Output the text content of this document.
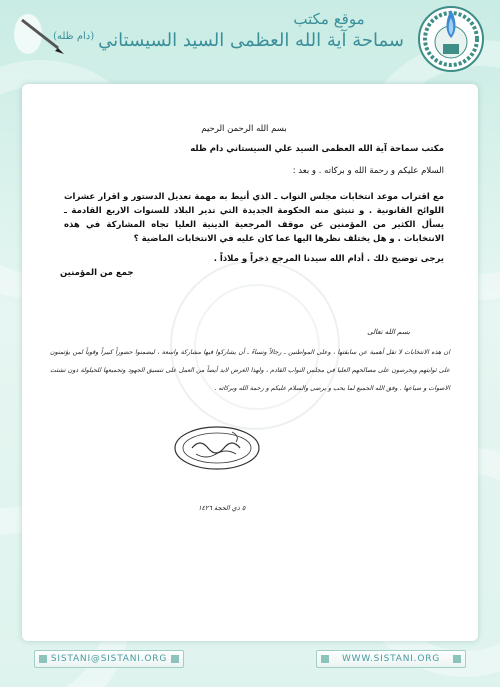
موقع مكتب
سماحة آية الله العظمى السيد السيستاني$^{(دام ظله)}$
بسم الله الرحمن الرحيم
مكتب سماحة آية الله العظمى السيد علي السيستاني دام ظله
السلام عليكم و رحمة الله و بركاته . و بعد :
مع اقتراب موعد انتخابات مجلس النواب ـ الذي أنيط به مهمة تعديل الدستور و اقرار عشرات اللوائح القانونية . و تنبثق منه الحكومة الجديدة التي تدير البلاد للسنوات الاربع القادمة ـ يسأل الكثير من المؤمنين عن موقف المرجعية الدينية العليا تجاه المشاركة في هذه الانتخابات . و هل يختلف نظرها اليها عما كان عليه في الانتخابات الماضية ؟
يرجى توضيح ذلك . أدام الله سيدنا المرجع ذخراً و ملاذاً .
جمع من المؤمنين
بسم الله تعالى
ان هذه الانتخابات لا تقل أهمية عن سابقتها ، وعلى المواطنين ـ رجالاً ونساءً ـ أن يشاركوا فيها مشاركة واسعة ، ليضمنوا حضوراً كبيراً وقوياً لمن يؤتمنون على ثوابتهم ويحرصون على مصالحهم العليا في مجلس النواب القادم ، ولهذا الغرض لابد أيضاً من العمل على تنسيق الجهود وتجميعها للحيلولة دون تشتت الاصوات و ضياعها . وفق الله الجميع لما يحب و يرضى والسلام عليكم و رحمة الله وبركاته .
٥ ذي الحجة ١٤٢٦
SISTANI@SISTANI.ORG	WWW.SISTANI.ORG
